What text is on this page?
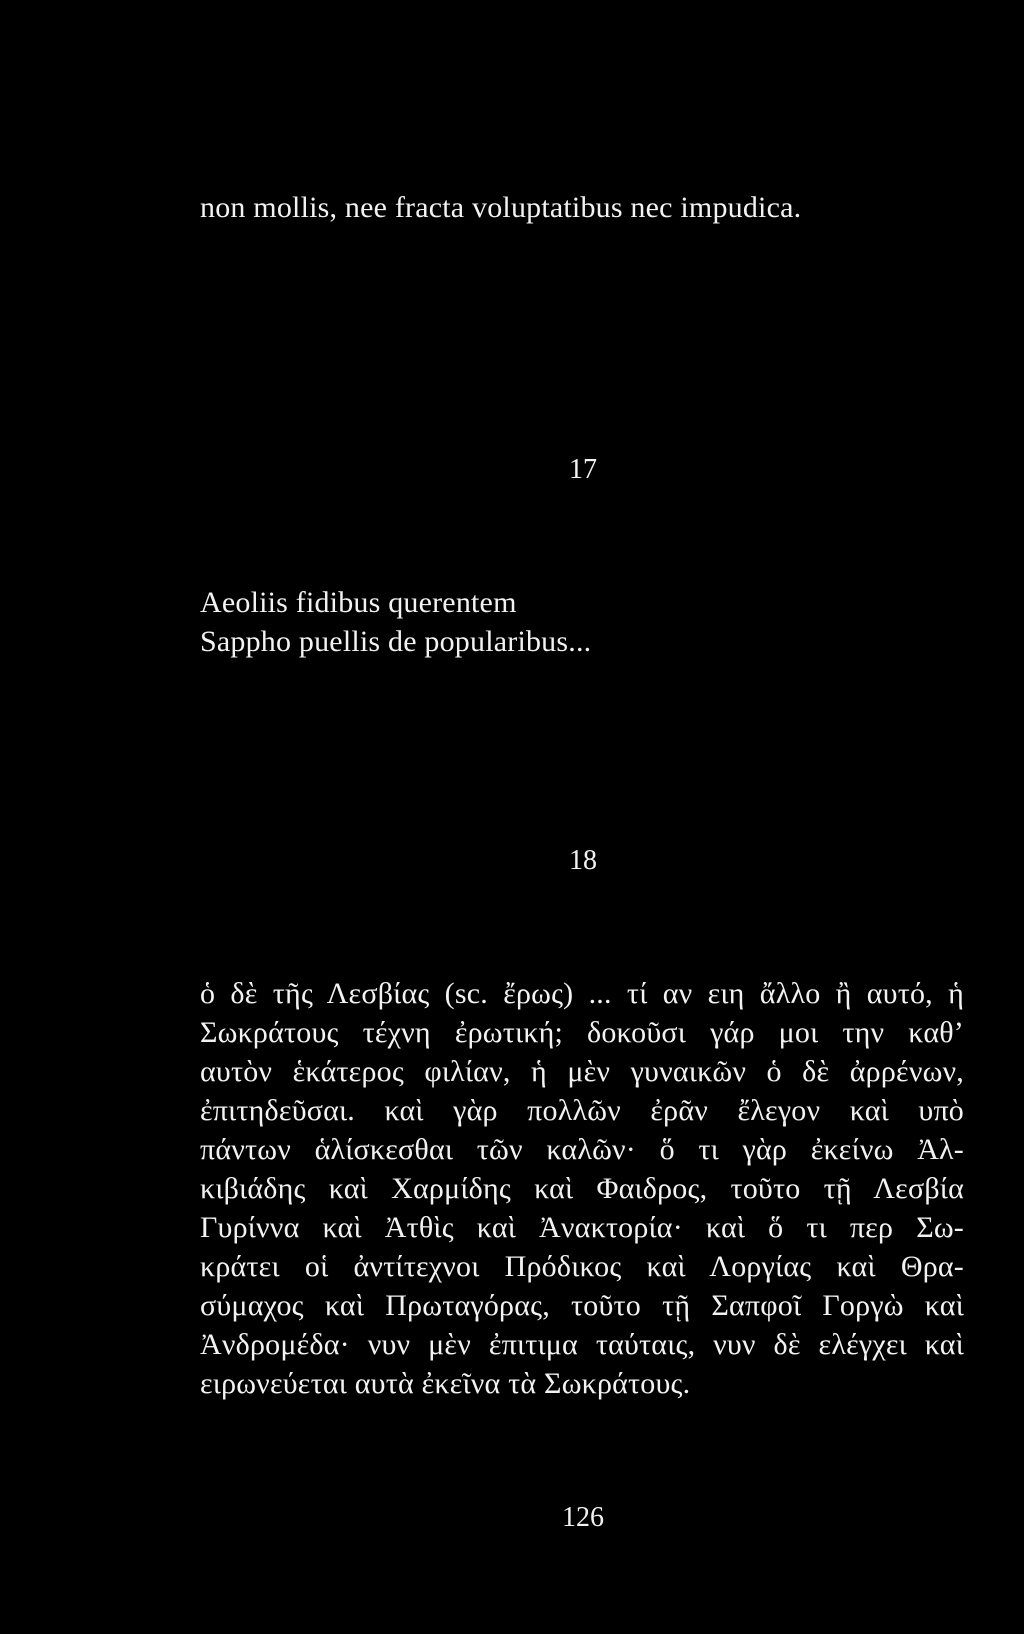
non mollis, nee fracta voluptatibus nec impudica.
17
Aeoliis fidibus querentem
Sappho puellis de popularibus...
18
ὁ δὲ τῆς Λεσβίας (sc. ἔρως) ... τί αν ειη ἄλλο ἢ αυτό, ἡ
Σωκράτους τέχνη ἐρωτική; δοκοῦσι γάρ μοι την καθ’
αυτὸν ἑκάτερος φιλίαν, ἡ μὲν γυναικῶν ὁ δὲ ἀρρένων,
ἐπιτηδεῦσαι. καὶ γὰρ πολλῶν ἐρᾶν ἔλεγον καὶ υπὸ
πάντων ἁλίσκεσθαι τῶν καλῶν· ὅ τι γὰρ ἐκείνω Ἀλ-
κιβιάδης καὶ Χαρμίδης καὶ Φαιδρος, τοῦτο τῇ Λεσβία
Γυρίννα καὶ Ἀτθὶς καὶ Ἀνακτορία· καὶ ὅ τι περ Σω-
κράτει οἱ ἀντίτεχνοι Πρόδικος καὶ Λοργίας καὶ Θρα-
σύμαχος καὶ Πρωταγόρας, τοῦτο τῇ Σαπφοῖ Γοργὼ καὶ
Ἀνδρομέδα· νυν μὲν ἐπιτιμα ταύταις, νυν δὲ ελέγχει καὶ
ειρωνεύεται αυτὰ ἐκεῖνα τὰ Σωκράτους.
126
